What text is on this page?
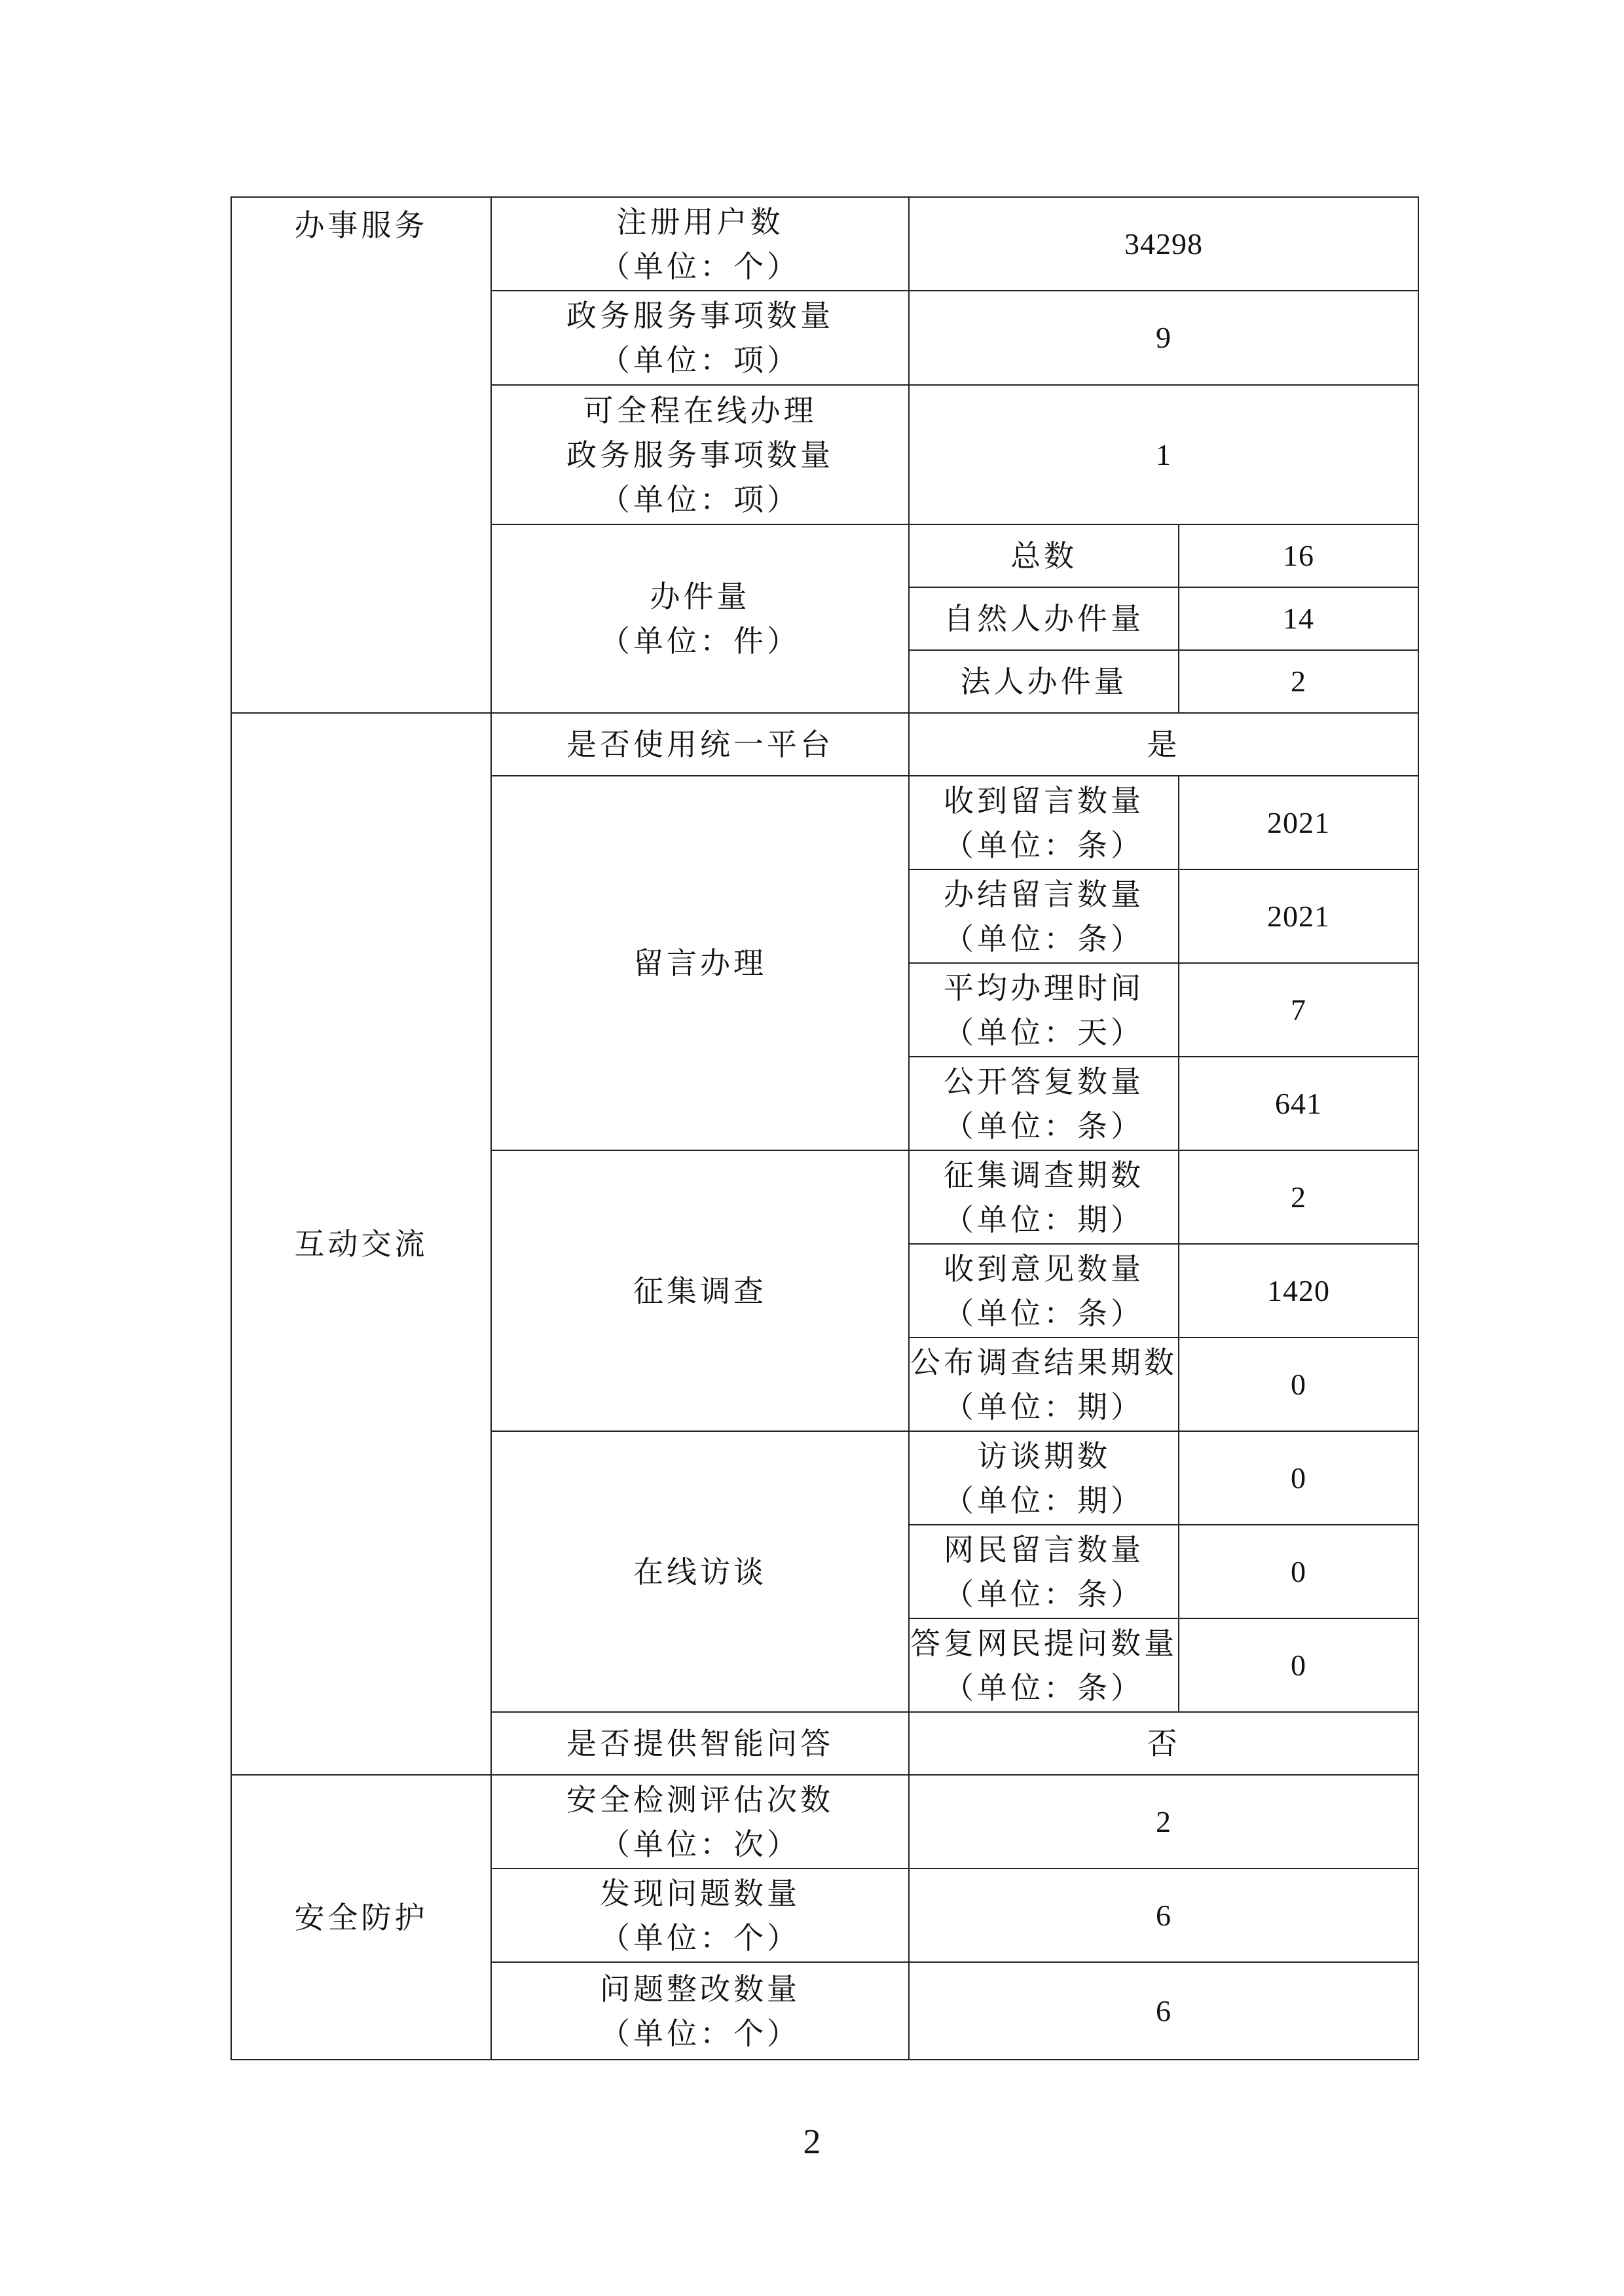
办事服务	注册用户数
（单位：个）	34298	

	政务服务事项数量
（单位：项）	9	

	可全程在线办理
政务服务事项数量
（单位：项）	1	

	办件量
（单位：件）	总数	16
		自然人办件量	14
		法人办件量	2

互动交流	是否使用统一平台	是	
	留言办理	收到留言数量
（单位：条）	2021

		办结留言数量
（单位：条）	2021

		平均办理时间
（单位：天）	7

		公开答复数量
（单位：条）	641
	征集调查	征集调查期数
（单位：期）	2

		收到意见数量
（单位：条）	1420

		公布调查结果期数
（单位：期）	0
	在线访谈	访谈期数
（单位：期）	0

		网民留言数量
（单位：条）	0

		答复网民提问数量
（单位：条）	0
	是否提供智能问答	否	

安全防护	安全检测评估次数
（单位：次）	2	

	发现问题数量
（单位：个）	6	

	问题整改数量
（单位：个）	6	
2
